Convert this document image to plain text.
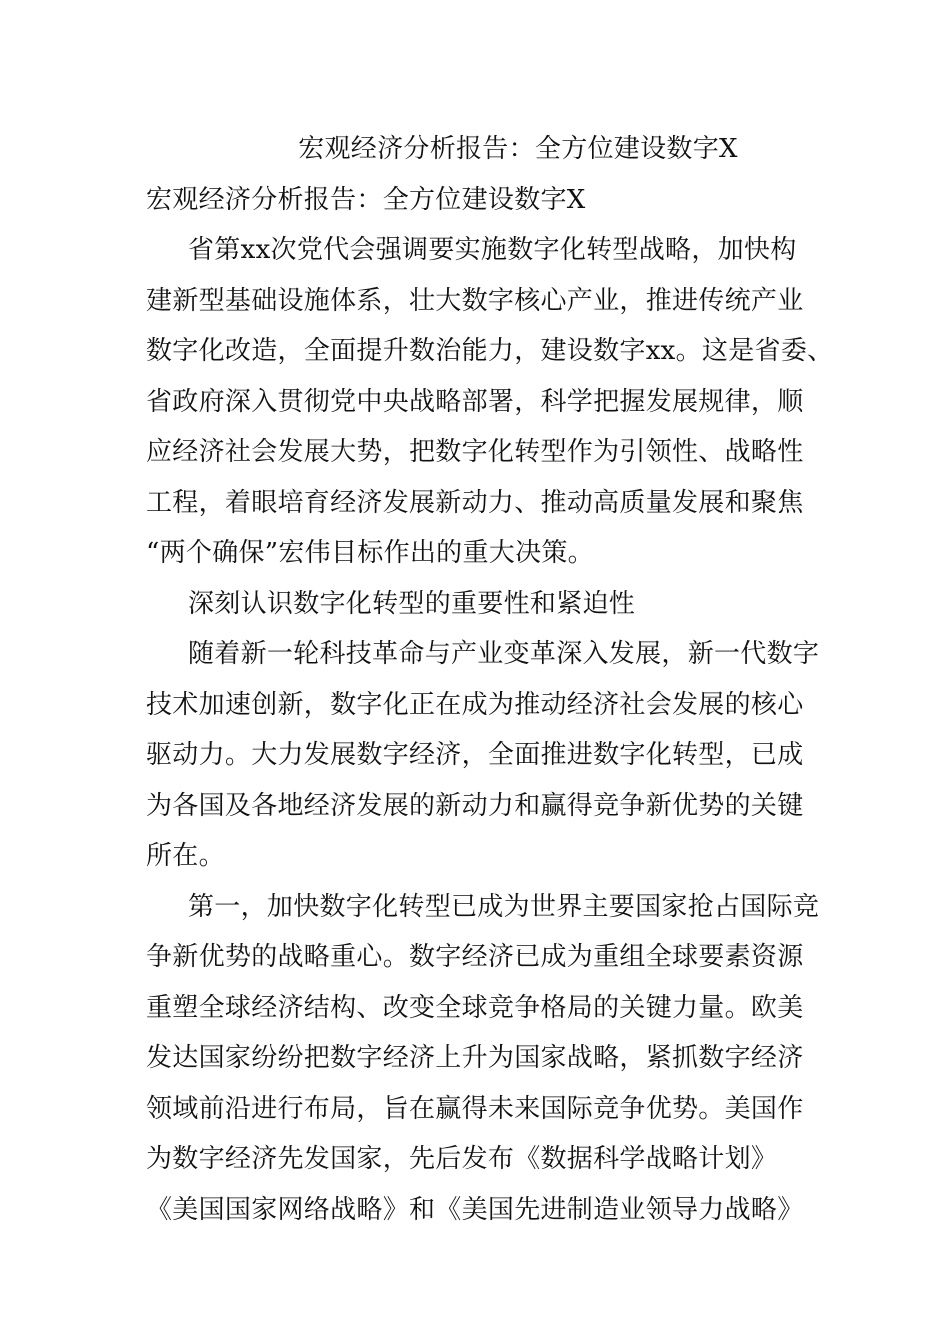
宏观经济分析报告：全方位建设数字X
宏观经济分析报告：全方位建设数字X
省第xx次党代会强调要实施数字化转型战略，加快构
建新型基础设施体系，壮大数字核心产业，推进传统产业
数字化改造，全面提升数治能力，建设数字xx。这是省委、
省政府深入贯彻党中央战略部署，科学把握发展规律，顺
应经济社会发展大势，把数字化转型作为引领性、战略性
工程，着眼培育经济发展新动力、推动高质量发展和聚焦
“两个确保”宏伟目标作出的重大决策。
深刻认识数字化转型的重要性和紧迫性
随着新一轮科技革命与产业变革深入发展，新一代数字
技术加速创新，数字化正在成为推动经济社会发展的核心
驱动力。大力发展数字经济，全面推进数字化转型，已成
为各国及各地经济发展的新动力和赢得竞争新优势的关键
所在。
第一，加快数字化转型已成为世界主要国家抢占国际竞
争新优势的战略重心。数字经济已成为重组全球要素资源
重塑全球经济结构、改变全球竞争格局的关键力量。欧美
发达国家纷纷把数字经济上升为国家战略，紧抓数字经济
领域前沿进行布局，旨在赢得未来国际竞争优势。美国作
为数字经济先发国家，先后发布《数据科学战略计划》
《美国国家网络战略》和《美国先进制造业领导力战略》
